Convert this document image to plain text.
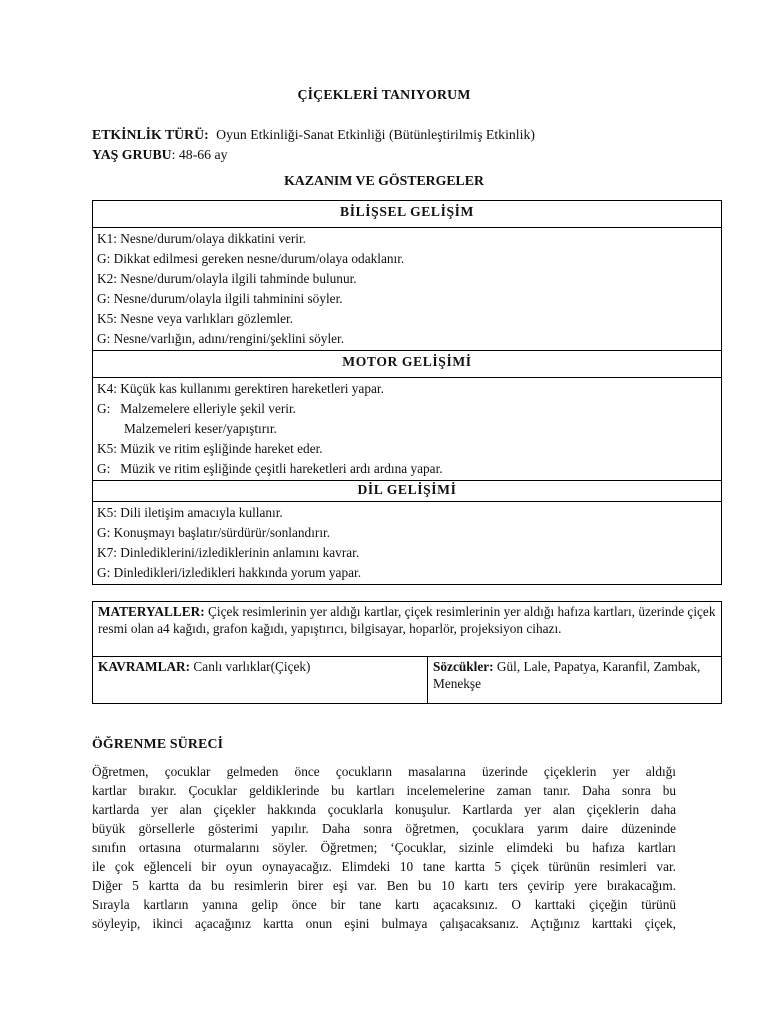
ÇİÇEKLERİ TANIYORUM
ETKİNLİK TÜRÜ: Oyun Etkinliği-Sanat Etkinliği (Bütünleştirilmiş Etkinlik)
YAŞ GRUBU: 48-66 ay
KAZANIM VE GÖSTERGELER
BİLİŞSEL GELİŞİM

K1: Nesne/durum/olaya dikkatini verir.
G: Dikkat edilmesi gereken nesne/durum/olaya odaklanır.
K2: Nesne/durum/olayla ilgili tahminde bulunur.
G: Nesne/durum/olayla ilgili tahminini söyler.
K5: Nesne veya varlıkları gözlemler.
G: Nesne/varlığın, adını/rengini/şeklini söyler.

MOTOR GELİŞİMİ

K4: Küçük kas kullanımı gerektiren hareketleri yapar.
G:   Malzemelere elleriyle şekil verir.
Malzemeleri keser/yapıştırır.
K5: Müzik ve ritim eşliğinde hareket eder.
G:   Müzik ve ritim eşliğinde çeşitli hareketleri ardı ardına yapar.

DİL GELİŞİMİ

K5: Dili iletişim amacıyla kullanır.
G: Konuşmayı başlatır/sürdürür/sonlandırır.
K7: Dinlediklerini/izlediklerinin anlamını kavrar.
G: Dinledikleri/izledikleri hakkında yorum yapar.
MATERYALLER: Çiçek resimlerinin yer aldığı kartlar, çiçek resimlerinin yer aldığı hafıza kartları, üzerinde çiçek resmi olan a4 kağıdı, grafon kağıdı, yapıştırıcı, bilgisayar, hoparlör, projeksiyon cihazı.
KAVRAMLAR: Canlı varlıklar(Çiçek)	Sözcükler: Gül, Lale, Papatya, Karanfil, Zambak, Menekşe
ÖĞRENME SÜRECİ
Öğretmen, çocuklar gelmeden önce çocukların masalarına üzerinde çiçeklerin yer aldığı
kartlar bırakır. Çocuklar geldiklerinde bu kartları incelemelerine zaman tanır. Daha sonra bu
kartlarda yer alan çiçekler hakkında çocuklarla konuşulur. Kartlarda yer alan çiçeklerin daha
büyük görsellerle gösterimi yapılır. Daha sonra öğretmen, çocuklara yarım daire düzeninde
sınıfın ortasına oturmalarını söyler. Öğretmen; ‘Çocuklar, sizinle elimdeki bu hafıza kartları
ile çok eğlenceli bir oyun oynayacağız. Elimdeki 10 tane kartta 5 çiçek türünün resimleri var.
Diğer 5 kartta da bu resimlerin birer eşi var. Ben bu 10 kartı ters çevirip yere bırakacağım.
Sırayla kartların yanına gelip önce bir tane kartı açacaksınız. O karttaki çiçeğin türünü
söyleyip, ikinci açacağınız kartta onun eşini bulmaya çalışacaksanız. Açtığınız karttaki çiçek,
